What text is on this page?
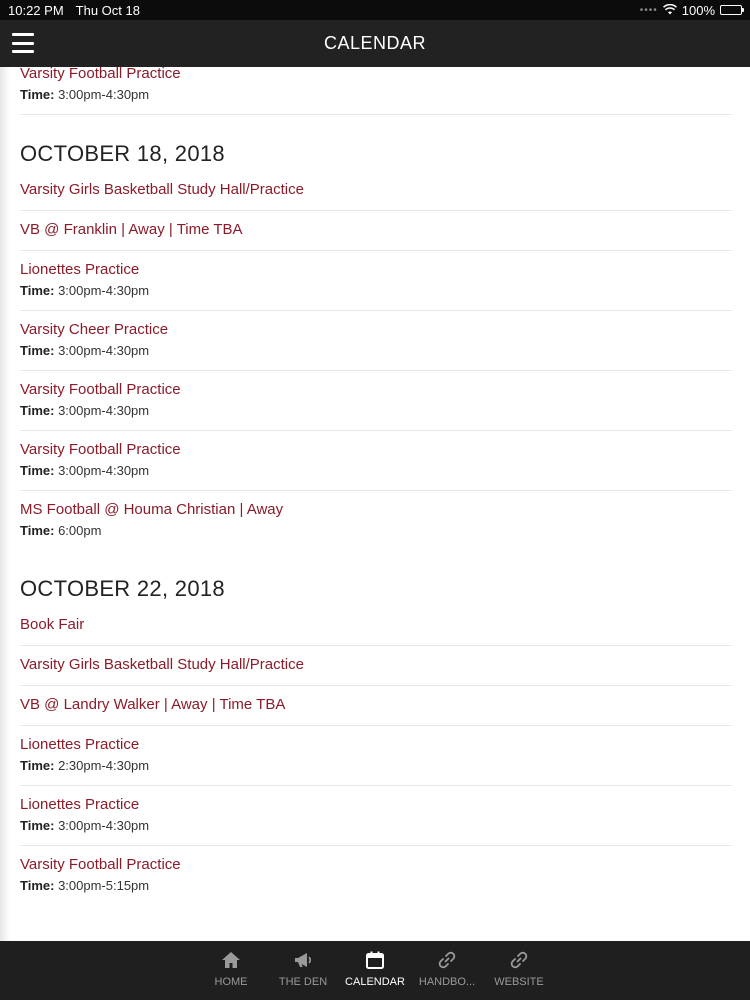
10:22 PM Thu Oct 18	•••• 100%
CALENDAR
Varsity Football Practice
Time: 3:00pm-4:30pm
OCTOBER 18, 2018
Varsity Girls Basketball Study Hall/Practice
VB @ Franklin | Away | Time TBA
Lionettes Practice
Time: 3:00pm-4:30pm
Varsity Cheer Practice
Time: 3:00pm-4:30pm
Varsity Football Practice
Time: 3:00pm-4:30pm
Varsity Football Practice
Time: 3:00pm-4:30pm
MS Football @ Houma Christian | Away
Time: 6:00pm
OCTOBER 22, 2018
Book Fair
Varsity Girls Basketball Study Hall/Practice
VB @ Landry Walker | Away | Time TBA
Lionettes Practice
Time: 2:30pm-4:30pm
Lionettes Practice
Time: 3:00pm-4:30pm
Varsity Football Practice
Time: 3:00pm-5:15pm
HOME	THE DEN CALENDAR HANDBO... WEBSITE
